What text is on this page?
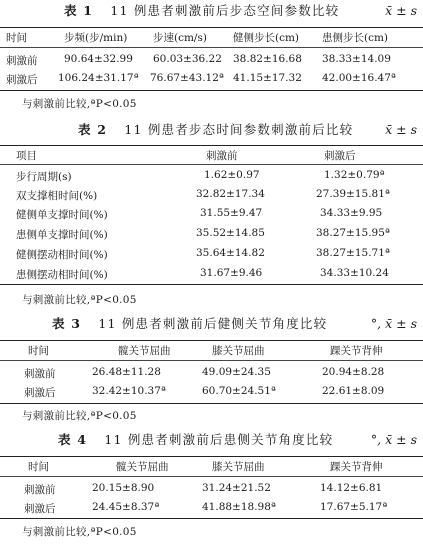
表 1 11 例患者刺激前后步态空间参数比较	x̄ ± s
时间	步频(步/min) 步速(cm/s) 健侧步长(cm) 患侧步长(cm)
刺激前	90.64±32.99 60.03±36.22 38.82±16.68 38.33±14.09
刺激后 106.24±31.17ª 76.67±43.12ª 41.15±17.32 42.00±16.47ª
与刺激前比较,ªP<0.05
表 2 11 例患者步态时间参数刺激前后比较	x̄ ± s
项目	刺激前	刺激后
步行周期(s)	1.62±0.97	1.32±0.79ª
双支撑相时间(%)	32.82±17.34	27.39±15.81ª
健侧单支撑时间(%)	31.55±9.47	34.33±9.95
患侧单支撑时间(%)	35.52±14.85	38.27±15.95ª
健侧摆动相时间(%)	35.64±14.82	38.27±15.71ª
患侧摆动相时间(%)	31.67±9.46	34.33±10.24
与刺激前比较,ªP<0.05
表 3 11 例患者刺激前后健侧关节角度比较	°, x̄ ± s
时间	髋关节屈曲	膝关节屈曲	踝关节背伸
刺激前	26.48±11.28	49.09±24.35	20.94±8.28
刺激后	32.42±10.37ª	60.70±24.51ª	22.61±8.09
与刺激前比较,ªP<0.05
表 4 11 例患者刺激前后患侧关节角度比较	°, x̄ ± s
时间	髋关节屈曲	膝关节屈曲	踝关节背伸
刺激前	20.15±8.90	31.24±21.52	14.12±6.81
刺激后	24.45±8.37ª	41.88±18.98ª	17.67±5.17ª
与刺激前比较,ªP<0.05
